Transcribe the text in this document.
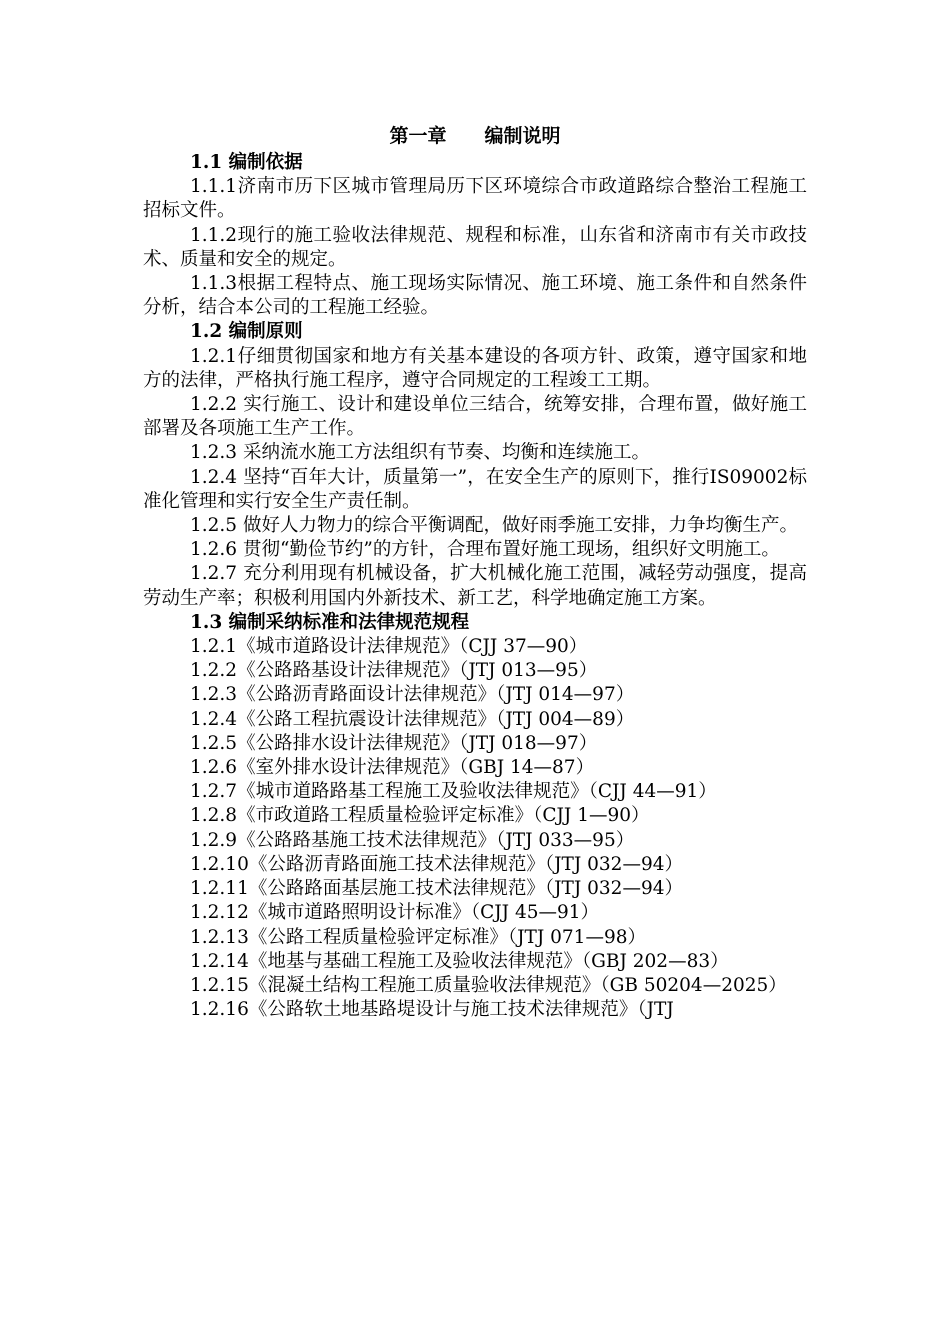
第一章　　编制说明
1.1 编制依据
1.1.1济南市历下区城市管理局历下区环境综合市政道路综合整治工程施工招标文件。
1.1.2现行的施工验收法律规范、规程和标准，山东省和济南市有关市政技术、质量和安全的规定。
1.1.3根据工程特点、施工现场实际情况、施工环境、施工条件和自然条件分析，结合本公司的工程施工经验。
1.2 编制原则
1.2.1仔细贯彻国家和地方有关基本建设的各项方针、政策，遵守国家和地方的法律，严格执行施工程序，遵守合同规定的工程竣工工期。
1.2.2 实行施工、设计和建设单位三结合，统筹安排，合理布置，做好施工部署及各项施工生产工作。
1.2.3 采纳流水施工方法组织有节奏、均衡和连续施工。
1.2.4 坚持“百年大计，质量第一”，在安全生产的原则下，推行IS09002标准化管理和实行安全生产责任制。
1.2.5 做好人力物力的综合平衡调配，做好雨季施工安排，力争均衡生产。
1.2.6 贯彻“勤俭节约”的方针，合理布置好施工现场，组织好文明施工。
1.2.7 充分利用现有机械设备，扩大机械化施工范围，减轻劳动强度，提高劳动生产率；积极利用国内外新技术、新工艺，科学地确定施工方案。
1.3 编制采纳标准和法律规范规程
1.2.1《城市道路设计法律规范》（CJJ 37—90）
1.2.2《公路路基设计法律规范》（JTJ 013—95）
1.2.3《公路沥青路面设计法律规范》（JTJ 014—97）
1.2.4《公路工程抗震设计法律规范》（JTJ 004—89）
1.2.5《公路排水设计法律规范》（JTJ 018—97）
1.2.6《室外排水设计法律规范》（GBJ 14—87）
1.2.7《城市道路路基工程施工及验收法律规范》（CJJ 44—91）
1.2.8《市政道路工程质量检验评定标准》（CJJ 1—90）
1.2.9《公路路基施工技术法律规范》（JTJ 033—95）
1.2.10《公路沥青路面施工技术法律规范》（JTJ 032—94）
1.2.11《公路路面基层施工技术法律规范》（JTJ 032—94）
1.2.12《城市道路照明设计标准》（CJJ 45—91）
1.2.13《公路工程质量检验评定标准》（JTJ 071—98）
1.2.14《地基与基础工程施工及验收法律规范》（GBJ 202—83）
1.2.15《混凝土结构工程施工质量验收法律规范》（GB 50204—2025）
1.2.16《公路软土地基路堤设计与施工技术法律规范》（JTJ
